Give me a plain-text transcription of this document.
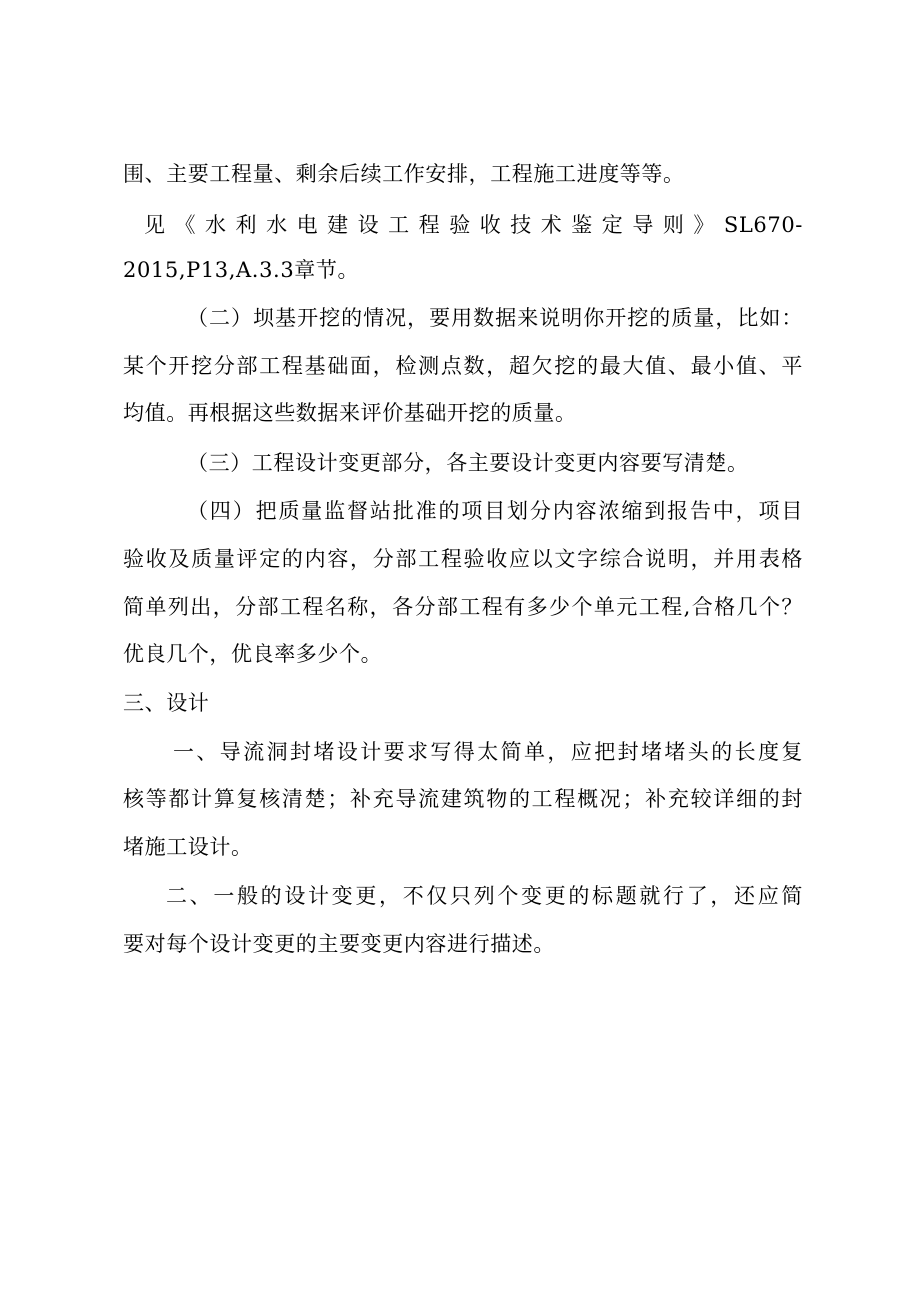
围、主要工程量、剩余后续工作安排，工程施工进度等等。
见《水利水电建设工程验收技术鉴定导则》SL670-
2015,P13,A.3.3章节。
（二）坝基开挖的情况，要用数据来说明你开挖的质量，比如：
某个开挖分部工程基础面，检测点数，超欠挖的最大值、最小值、平
均值。再根据这些数据来评价基础开挖的质量。
（三）工程设计变更部分，各主要设计变更内容要写清楚。
（四）把质量监督站批准的项目划分内容浓缩到报告中，项目
验收及质量评定的内容，分部工程验收应以文字综合说明，并用表格
简单列出，分部工程名称，各分部工程有多少个单元工程,合格几个？
优良几个，优良率多少个。
三、设计
一、导流洞封堵设计要求写得太简单，应把封堵堵头的长度复
核等都计算复核清楚；补充导流建筑物的工程概况；补充较详细的封
堵施工设计。
二、一般的设计变更，不仅只列个变更的标题就行了，还应简
要对每个设计变更的主要变更内容进行描述。
